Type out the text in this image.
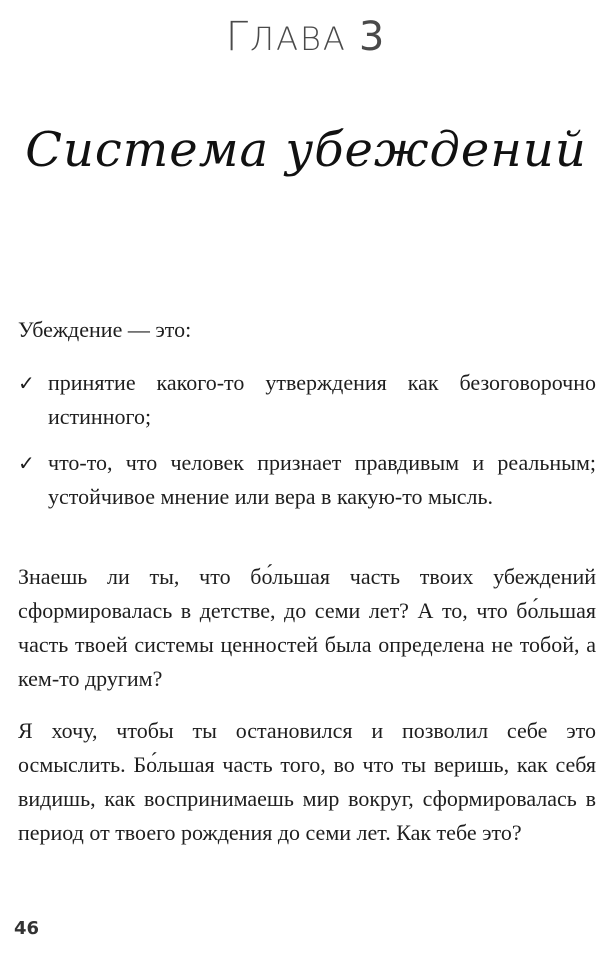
ГЛАВА 3
Система убеждений
Убеждение — это:
✓ принятие какого-то утверждения как безоговорочно истинного;
✓ что-то, что человек признает правдивым и реальным; устойчивое мнение или вера в какую-то мысль.
Знаешь ли ты, что бо́льшая часть твоих убеждений сформировалась в детстве, до семи лет? А то, что бо́льшая часть твоей системы ценностей была определена не тобой, а кем-то другим?
Я хочу, чтобы ты остановился и позволил себе это осмыслить. Бо́льшая часть того, во что ты веришь, как себя видишь, как воспринимаешь мир вокруг, сформировалась в период от твоего рождения до семи лет. Как тебе это?
46
